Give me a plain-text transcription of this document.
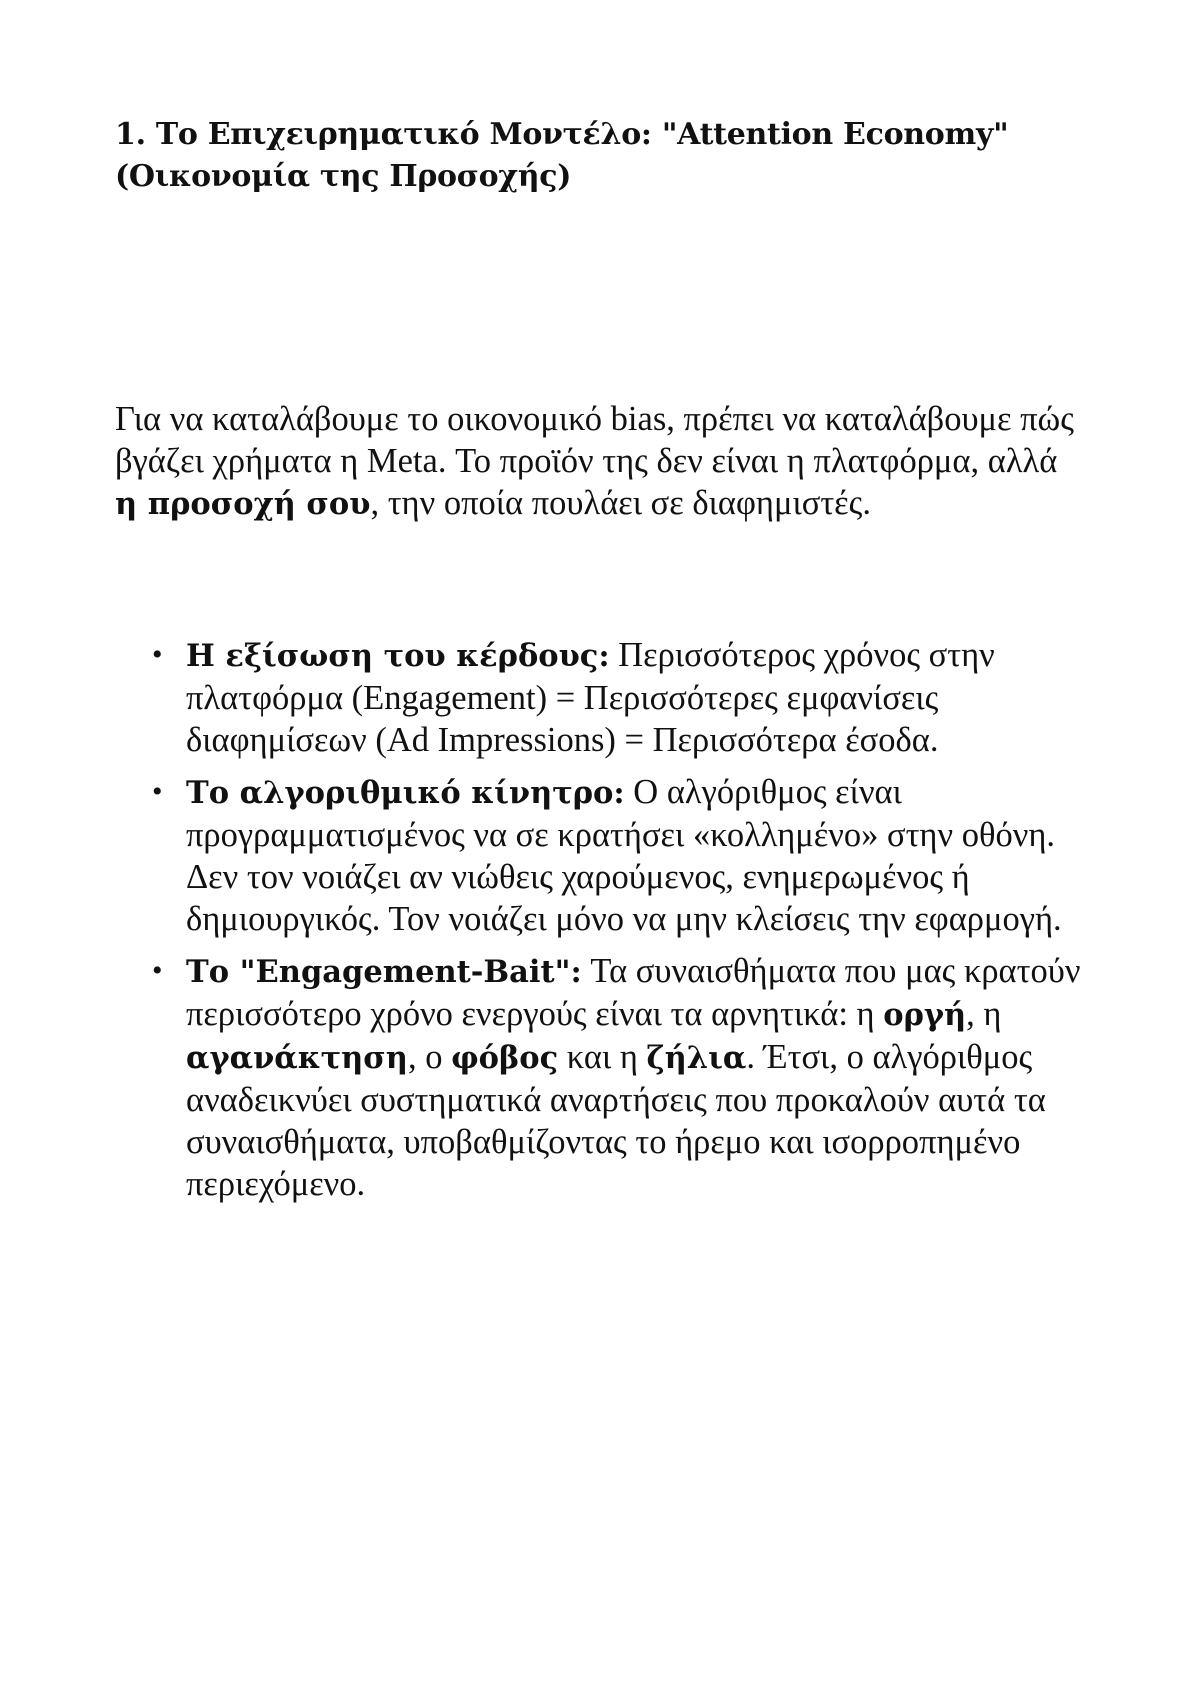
1. Το Επιχειρηματικό Μοντέλο: "Attention Economy" (Οικονομία της Προσοχής)

Για να καταλάβουμε το οικονομικό bias, πρέπει να καταλάβουμε πώς βγάζει χρήματα η Meta. Το προϊόν της δεν είναι η πλατφόρμα, αλλά η προσοχή σου, την οποία πουλάει σε διαφημιστές.

• Η εξίσωση του κέρδους: Περισσότερος χρόνος στην πλατφόρμα (Engagement) = Περισσότερες εμφανίσεις διαφημίσεων (Ad Impressions) = Περισσότερα έσοδα.
• Το αλγοριθμικό κίνητρο: Ο αλγόριθμος είναι προγραμματισμένος να σε κρατήσει «κολλημένο» στην οθόνη. Δεν τον νοιάζει αν νιώθεις χαρούμενος, ενημερωμένος ή δημιουργικός. Τον νοιάζει μόνο να μην κλείσεις την εφαρμογή.
• Το "Engagement-Bait": Τα συναισθήματα που μας κρατούν περισσότερο χρόνο ενεργούς είναι τα αρνητικά: η οργή, η αγανάκτηση, ο φόβος και η ζήλια. Έτσι, ο αλγόριθμος αναδεικνύει συστηματικά αναρτήσεις που προκαλούν αυτά τα συναισθήματα, υποβαθμίζοντας το ήρεμο και ισορροπημένο περιεχόμενο.
